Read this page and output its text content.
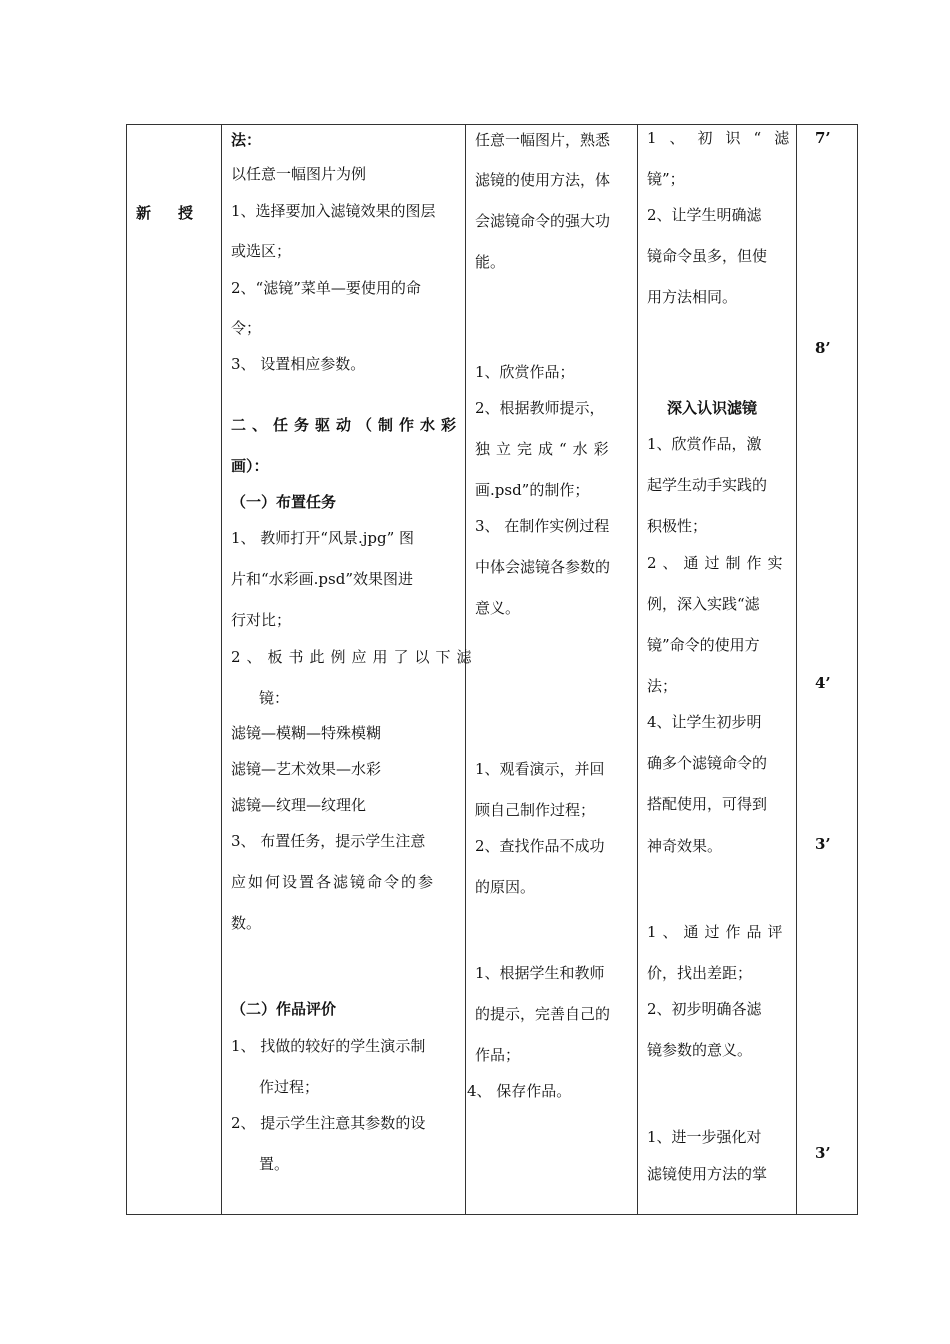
新 授
法：
以任意一幅图片为例
1、选择要加入滤镜效果的图层
或选区；
2、“滤镜”菜单—要使用的命
令；
3、 设置相应参数。
二、任务驱动（制作水彩
画）：
（一）布置任务
1、 教师打开“风景.jpg” 图
片和“水彩画.psd”效果图进
行对比；
2、板书此例应用了以下滤
镜：
滤镜—模糊—特殊模糊
滤镜—艺术效果—水彩
滤镜—纹理—纹理化
3、 布置任务，提示学生注意
应如何设置各滤镜命令的参
数。
（二）作品评价
1、 找做的较好的学生演示制
作过程；
2、 提示学生注意其参数的设
置。
任意一幅图片，熟悉
滤镜的使用方法，体
会滤镜命令的强大功
能。
1、欣赏作品；
2、根据教师提示，
独立完成“水彩
画.psd”的制作；
3、 在制作实例过程
中体会滤镜各参数的
意义。
1、观看演示，并回
顾自己制作过程；
2、查找作品不成功
的原因。
1、根据学生和教师
的提示，完善自己的
作品；
4、 保存作品。
1、初识“滤
镜”；
2、让学生明确滤
镜命令虽多，但使
用方法相同。
深入认识滤镜
1、欣赏作品，激
起学生动手实践的
积极性；
2、通过制作实
例，深入实践“滤
镜”命令的使用方
法；
4、让学生初步明
确多个滤镜命令的
搭配使用，可得到
神奇效果。
1、通过作品评
价，找出差距；
2、初步明确各滤
镜参数的意义。
1、进一步强化对
滤镜使用方法的掌
7’
8’
4’
3’
3’
